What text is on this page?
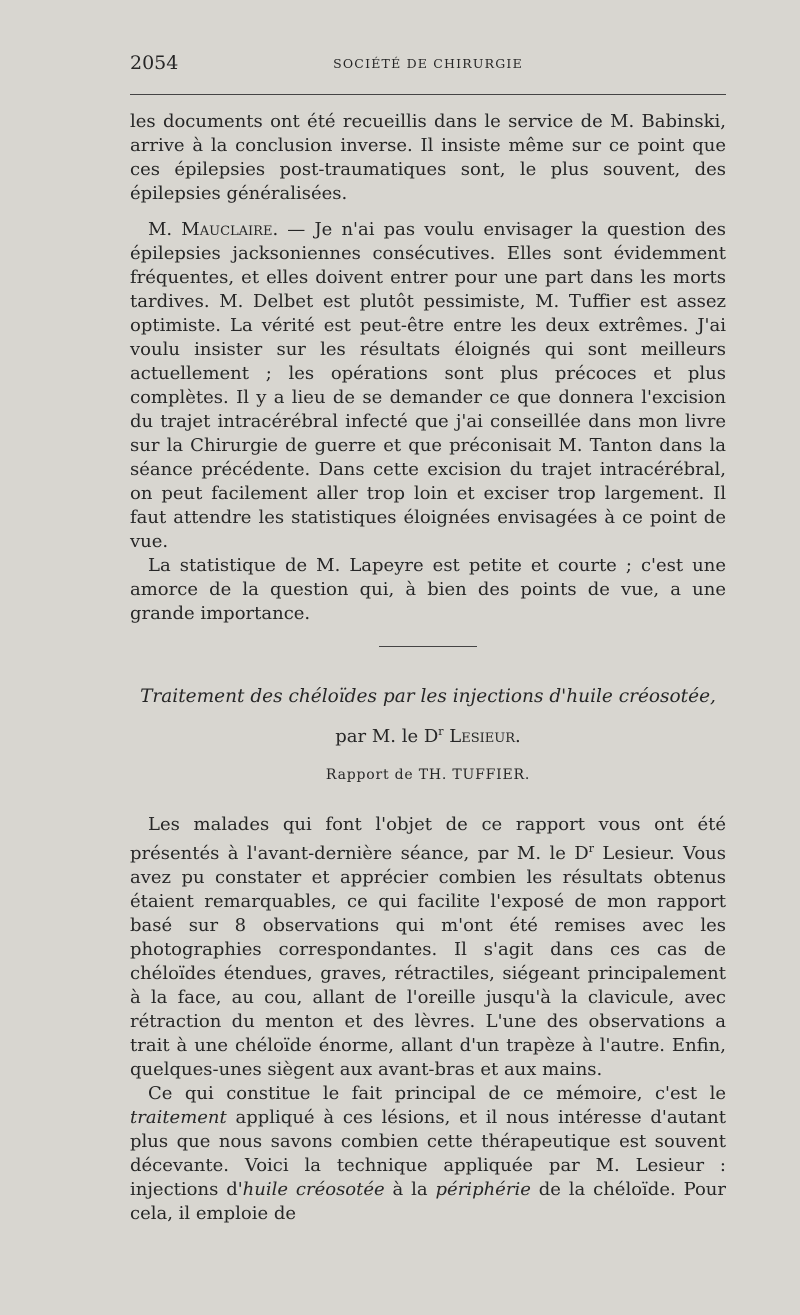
2054	SOCIÉTÉ DE CHIRURGIE

les documents ont été recueillis dans le service de M. Babinski, arrive à la conclusion inverse. Il insiste même sur ce point que ces épilepsies post-traumatiques sont, le plus souvent, des épilepsies généralisées.

M. Mauclaire. — Je n'ai pas voulu envisager la question des épilepsies jacksoniennes consécutives. Elles sont évidemment fréquentes, et elles doivent entrer pour une part dans les morts tardives. M. Delbet est plutôt pessimiste, M. Tuffier est assez optimiste. La vérité est peut-être entre les deux extrêmes. J'ai voulu insister sur les résultats éloignés qui sont meilleurs actuellement ; les opérations sont plus précoces et plus complètes. Il y a lieu de se demander ce que donnera l'excision du trajet intracérébral infecté que j'ai conseillée dans mon livre sur la Chirurgie de guerre et que préconisait M. Tanton dans la séance précédente. Dans cette excision du trajet intracérébral, on peut facilement aller trop loin et exciser trop largement. Il faut attendre les statistiques éloignées envisagées à ce point de vue.

La statistique de M. Lapeyre est petite et courte ; c'est une amorce de la question qui, à bien des points de vue, a une grande importance.

Traitement des chéloïdes par les injections d'huile créosotée,

par M. le $D^r$ Lesieur.

Rapport de TH. TUFFIER.

Les malades qui font l'objet de ce rapport vous ont été présentés à l'avant-dernière séance, par M. le $D^r$ Lesieur. Vous avez pu constater et apprécier combien les résultats obtenus étaient remarquables, ce qui facilite l'exposé de mon rapport basé sur 8 observations qui m'ont été remises avec les photographies correspondantes. Il s'agit dans ces cas de chéloïdes étendues, graves, rétractiles, siégeant principalement à la face, au cou, allant de l'oreille jusqu'à la clavicule, avec rétraction du menton et des lèvres. L'une des observations a trait à une chéloïde énorme, allant d'un trapèze à l'autre. Enfin, quelques-unes siègent aux avant-bras et aux mains.

Ce qui constitue le fait principal de ce mémoire, c'est le traitement appliqué à ces lésions, et il nous intéresse d'autant plus que nous savons combien cette thérapeutique est souvent décevante. Voici la technique appliquée par M. Lesieur : injections d'huile créosotée à la périphérie de la chéloïde. Pour cela, il emploie de
